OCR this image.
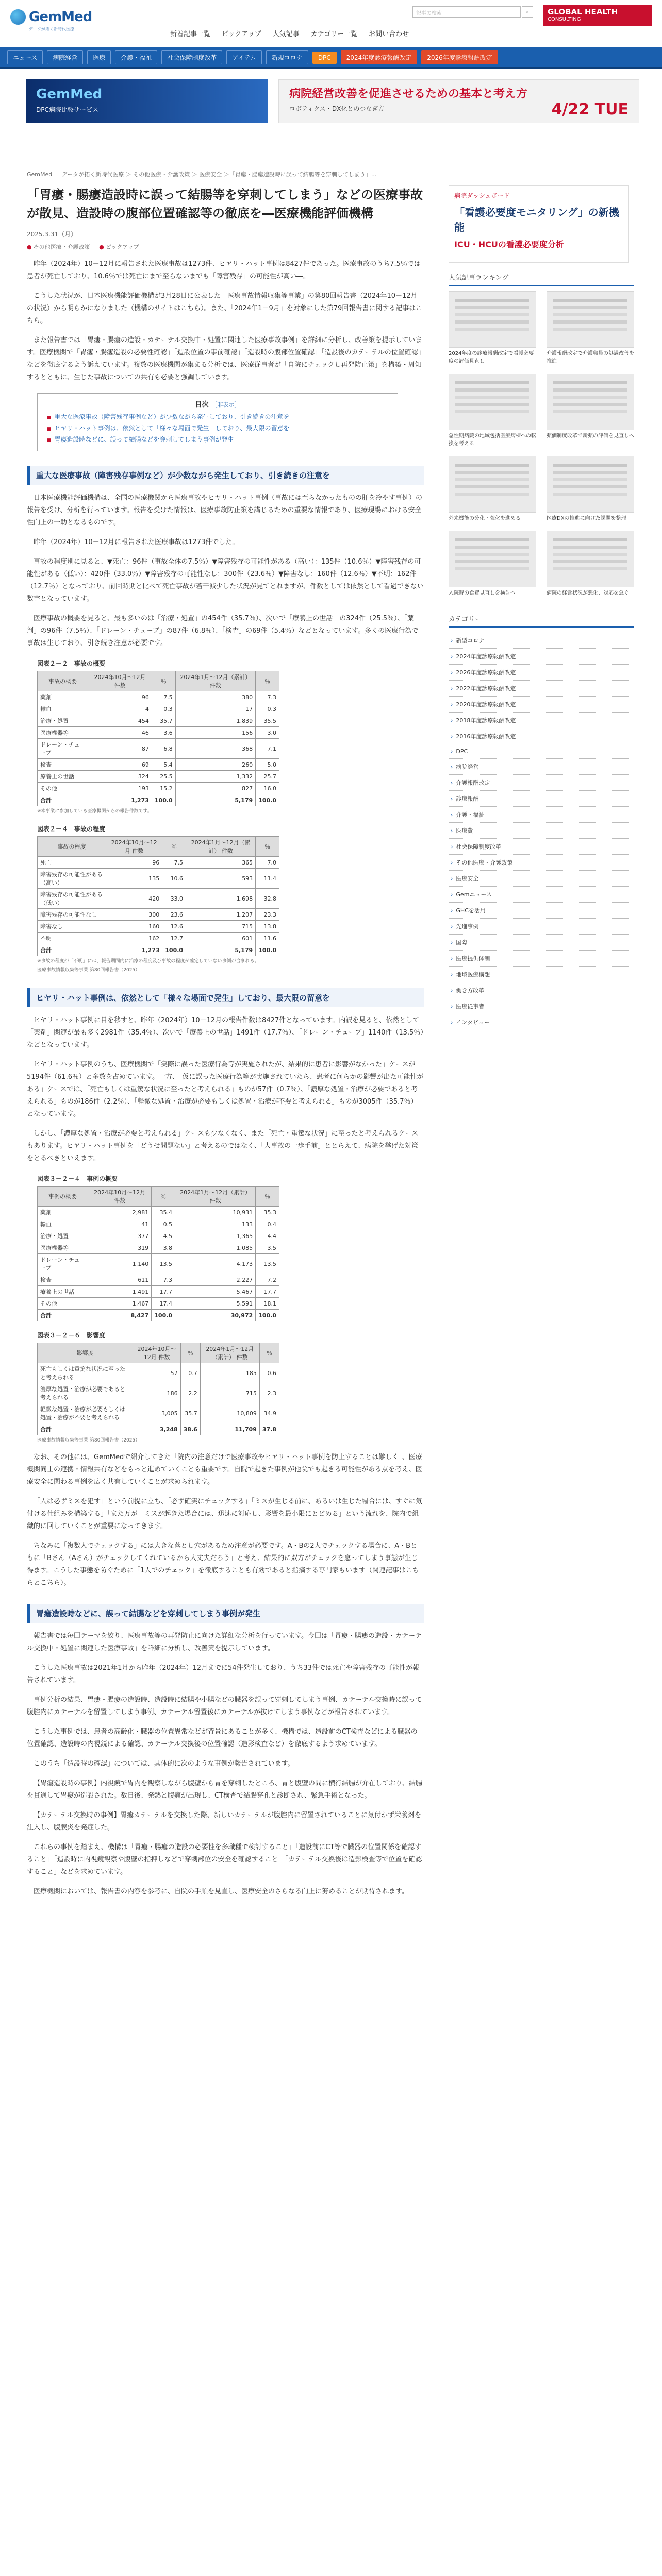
GemMed
データが拓く新時代医療
新着記事一覧 ピックアップ 人気記事 カテゴリー一覧 お問い合わせ
記事の検索	⌕	GLOBAL HEALTH
CONSULTING
ニュース	病院経営	医療	介護・福祉	社会保障制度改革	アイテム	新規コロナ	DPC	2024年度診療報酬改定	2026年度診療報酬改定
GemMed
DPC病院比較サービス
病院経営改善を促進させるための基本と考え方
ロボティクス・DX化とのつなぎ方	4/22 TUE
GemMed ｜ データが拓く新時代医療 ＞ その他医療・介護政策 ＞ 医療安全 ＞「胃瘻・腸瘻造設時に誤って結腸等を穿刺してしまう」…
「胃瘻・腸瘻造設時に誤って結腸等を穿刺してしまう」などの医療事故が散見、造設時の腹部位置確認等の徹底を―医療機能評価機構
2025.3.31（月）
● その他医療・介護政策 ● ピックアップ

昨年（2024年）10－12月に報告された医療事故は1273件、ヒヤリ・ハット事例は8427件であった。医療事故のうち7.5％では患者が死亡しており、10.6％では死亡にまで至らないまでも「障害残存」の可能性が高い―。

こうした状況が、日本医療機能評価機構が3月28日に公表した「医療事故情報収集等事業」の第80回報告書（2024年10－12月の状況）から明らかになりました（機構のサイトはこちら）。また、「2024年1－9月」を対象にした第79回報告書に関する記事はこちら。

また報告書では「胃瘻・腸瘻の造設・カテーテル交換中・処置に関連した医療事故事例」を詳細に分析し、改善策を提示しています。医療機関で「胃瘻・腸瘻造設の必要性確認」「造設位置の事前確認」「造設時の腹部位置確認」「造設後のカテーテルの位置確認」などを徹底するよう訴えています。複数の医療機関が集まる分析では、医療従事者が「自院にチェックし再発防止策」を構築・周知するとともに、生じた事故についての共有も必要と強調しています。

目次 ［非表示］
■ 重大な医療事故（障害残存事例など）が少数ながら発生しており、引き続きの注意を
■ ヒヤリ・ハット事例は、依然として「様々な場面で発生」しており、最大限の留意を
■ 胃瘻造設時などに、誤って結腸などを穿刺してしまう事例が発生
重大な医療事故（障害残存事例など）が少数ながら発生しており、引き続きの注意を

日本医療機能評価機構は、全国の医療機関から医療事故やヒヤリ・ハット事例（事故には至らなかったものの肝を冷やす事例）の報告を受け、分析を行っています。報告を受けた情報は、医療事故防止策を講じるための重要な情報であり、医療現場における安全性向上の一助となるものです。

昨年（2024年）10－12月に報告された医療事故は1273件でした。

事故の程度別に見ると、▼死亡：96件（事故全体の7.5％）▼障害残存の可能性がある（高い）：135件（10.6％）▼障害残存の可能性がある（低い）：420件（33.0％）▼障害残存の可能性なし：300件（23.6％）▼障害なし：160件（12.6％）▼不明：162件（12.7％）となっており、前回時期と比べて死亡事故が若干減少した状況が見てとれますが、件数としては依然として看過できない数字となっています。

医療事故の概要を見ると、最も多いのは「治療・処置」の454件（35.7％）、次いで「療養上の世話」の324件（25.5％）、「薬剤」の96件（7.5％）、「ドレーン・チューブ」の87件（6.8％）、「検査」の69件（5.4％）などとなっています。多くの医療行為で事故は生じており、引き続き注意が必要です。

図表２－２　事故の概要
事故の概要	2024年10月～12月 件数	％	2024年1月～12月（累計） 件数	％
薬剤	96	7.5	380	7.3
輸血	4	0.3	17	0.3
治療・処置	454	35.7	1,839	35.5
医療機器等	46	3.6	156	3.0
ドレーン・チューブ	87	6.8	368	7.1
検査	69	5.4	260	5.0
療養上の世話	324	25.5	1,332	25.7
その他	193	15.2	827	16.0
合計	1,273	100.0	5,179	100.0
※本事業に参加している医療機関からの報告件数です。
図表２－４　事故の程度
事故の程度	2024年10月～12月 件数	％	2024年1月～12月（累計） 件数	％
死亡	96	7.5	365	7.0
障害残存の可能性がある（高い）	135	10.6	593	11.4
障害残存の可能性がある（低い）	420	33.0	1,698	32.8
障害残存の可能性なし	300	23.6	1,207	23.3
障害なし	160	12.6	715	13.8
不明	162	12.7	601	11.6
合計	1,273	100.0	5,179	100.0
※事故の程度が「不明」には、報告期間内に治療の程度及び事故の程度が確定していない事例が含まれる。
医療事故情報収集等事業 第80回報告書（2025）
ヒヤリ・ハット事例は、依然として「様々な場面で発生」しており、最大限の留意を

ヒヤリ・ハット事例に目を移すと、昨年（2024年）10－12月の報告件数は8427件となっています。内訳を見ると、依然として「薬剤」関連が最も多く2981件（35.4％）、次いで「療養上の世話」1491件（17.7％）、「ドレーン・チューブ」1140件（13.5％）などとなっています。

ヒヤリ・ハット事例のうち、医療機関で「実際に誤った医療行為等が実施されたが、結果的に患者に影響がなかった」ケースが5194件（61.6％）と多数を占めています。一方、「仮に誤った医療行為等が実施されていたら、患者に何らかの影響が出た可能性がある」ケースでは、「死亡もしくは重篤な状況に至ったと考えられる」ものが57件（0.7％）、「濃厚な処置・治療が必要であると考えられる」ものが186件（2.2％）、「軽微な処置・治療が必要もしくは処置・治療が不要と考えられる」ものが3005件（35.7％）となっています。

しかし、「濃厚な処置・治療が必要と考えられる」ケースも少なくなく、また「死亡・重篤な状況」に至ったと考えられるケースもあります。ヒヤリ・ハット事例を「どうせ問題ない」と考えるのではなく、「大事故の一歩手前」ととらえて、病院を挙げた対策をとるべきといえます。

図表３－２－４　事例の概要
事例の概要	2024年10月～12月 件数	％	2024年1月～12月（累計） 件数	％
薬剤	2,981	35.4	10,931	35.3
輸血	41	0.5	133	0.4
治療・処置	377	4.5	1,365	4.4
医療機器等	319	3.8	1,085	3.5
ドレーン・チューブ	1,140	13.5	4,173	13.5
検査	611	7.3	2,227	7.2
療養上の世話	1,491	17.7	5,467	17.7
その他	1,467	17.4	5,591	18.1
合計	8,427	100.0	30,972	100.0
図表３－２－６　影響度
影響度	2024年10月～12月 件数	％	2024年1月～12月（累計） 件数	％
死亡もしくは重篤な状況に至ったと考えられる	57	0.7	185	0.6
濃厚な処置・治療が必要であると考えられる	186	2.2	715	2.3
軽微な処置・治療が必要もしくは処置・治療が不要と考えられる	3,005	35.7	10,809	34.9
合計	3,248	38.6	11,709	37.8
医療事故情報収集等事業 第80回報告書（2025）

なお、その他には、GemMedで紹介してきた「院内の注意だけで医療事故やヒヤリ・ハット事例を防止することは難しく」、医療機関同士の連携・情報共有などをもっと進めていくことも重要です。自院で起きた事例が他院でも起きる可能性がある点を考え、医療安全に関わる事例を広く共有していくことが求められます。

「人は必ずミスを犯す」という前提に立ち、「必ず確実にチェックする」「ミスが生じる前に、あるいは生じた場合には、すぐに気付ける仕組みを構築する」「また万が一ミスが起きた場合には、迅速に対応し、影響を最小限にとどめる」という流れを、院内で組織的に回していくことが重要になってきます。

ちなみに「複数人でチェックする」には大きな落とし穴があるため注意が必要です。A・Bの2人でチェックする場合に、A・Bともに「Bさん（Aさん）がチェックしてくれているから大丈夫だろう」と考え、結果的に双方がチェックを怠ってしまう事態が生じ得ます。こうした事態を防ぐために「1人でのチェック」を徹底することも有効であると指摘する専門家もいます（関連記事はこちらとこちら）。

胃瘻造設時などに、誤って結腸などを穿刺してしまう事例が発生

報告書では毎回テーマを絞り、医療事故等の再発防止に向けた詳細な分析を行っています。今回は「胃瘻・腸瘻の造設・カテーテル交換中・処置に関連した医療事故」を詳細に分析し、改善策を提示しています。

こうした医療事故は2021年1月から昨年（2024年）12月までに54件発生しており、うち33件では死亡や障害残存の可能性が報告されています。

事例分析の結果、胃瘻・腸瘻の造設時、造設時に結腸や小腸などの臓器を誤って穿刺してしまう事例、カテーテル交換時に誤って腹腔内にカテーテルを留置してしまう事例、カテーテル留置後にカテーテルが抜けてしまう事例などが報告されています。

こうした事例では、患者の高齢化・臓器の位置異常などが背景にあることが多く、機構では、造設前のCT検査などによる臓器の位置確認、造設時の内視鏡による確認、カテーテル交換後の位置確認（造影検査など）を徹底するよう求めています。

このうち「造設時の確認」については、具体的に次のような事例が報告されています。

【胃瘻造設時の事例】内視鏡で胃内を観察しながら腹壁から胃を穿刺したところ、胃と腹壁の間に横行結腸が介在しており、結腸を貫通して胃瘻が造設された。数日後、発熱と腹痛が出現し、CT検査で結腸穿孔と診断され、緊急手術となった。

【カテーテル交換時の事例】胃瘻カテーテルを交換した際、新しいカテーテルが腹腔内に留置されていることに気付かず栄養剤を注入し、腹膜炎を発症した。

これらの事例を踏まえ、機構は「胃瘻・腸瘻の造設の必要性を多職種で検討すること」「造設前にCT等で臓器の位置関係を確認すること」「造設時に内視鏡観察や腹壁の指押しなどで穿刺部位の安全を確認すること」「カテーテル交換後は造影検査等で位置を確認すること」などを求めています。

医療機関においては、報告書の内容を参考に、自院の手順を見直し、医療安全のさらなる向上に努めることが期待されます。

病院ダッシュボード
「看護必要度モニタリング」の新機能
ICU・HCUの看護必要度分析
人気記事ランキング
2024年度の診療報酬改定で看護必要度の評価見直し
介護報酬改定で介護職員の処遇改善を推進
急性期病院の地域包括医療病棟への転換を考える
薬価制度改革で新薬の評価を見直しへ
外来機能の分化・強化を進める	医療DXの推進に向けた課題を整理
入院時の食費見直しを検討へ	病院の経営状況が悪化、対応を急ぐ
カテゴリー
› 新型コロナ
› 2024年度診療報酬改定
› 2026年度診療報酬改定
› 2022年度診療報酬改定
› 2020年度診療報酬改定
› 2018年度診療報酬改定
› 2016年度診療報酬改定
› DPC
› 病院経営
› 介護報酬改定
› 診療報酬
› 介護・福祉
› 医療費
› 社会保障制度改革
› その他医療・介護政策
› 医療安全
› Gemニュース
› GHCを活用
› 先進事例
› 国際
› 医療提供体制
› 地域医療構想
› 働き方改革
› 医療従事者
› インタビュー
